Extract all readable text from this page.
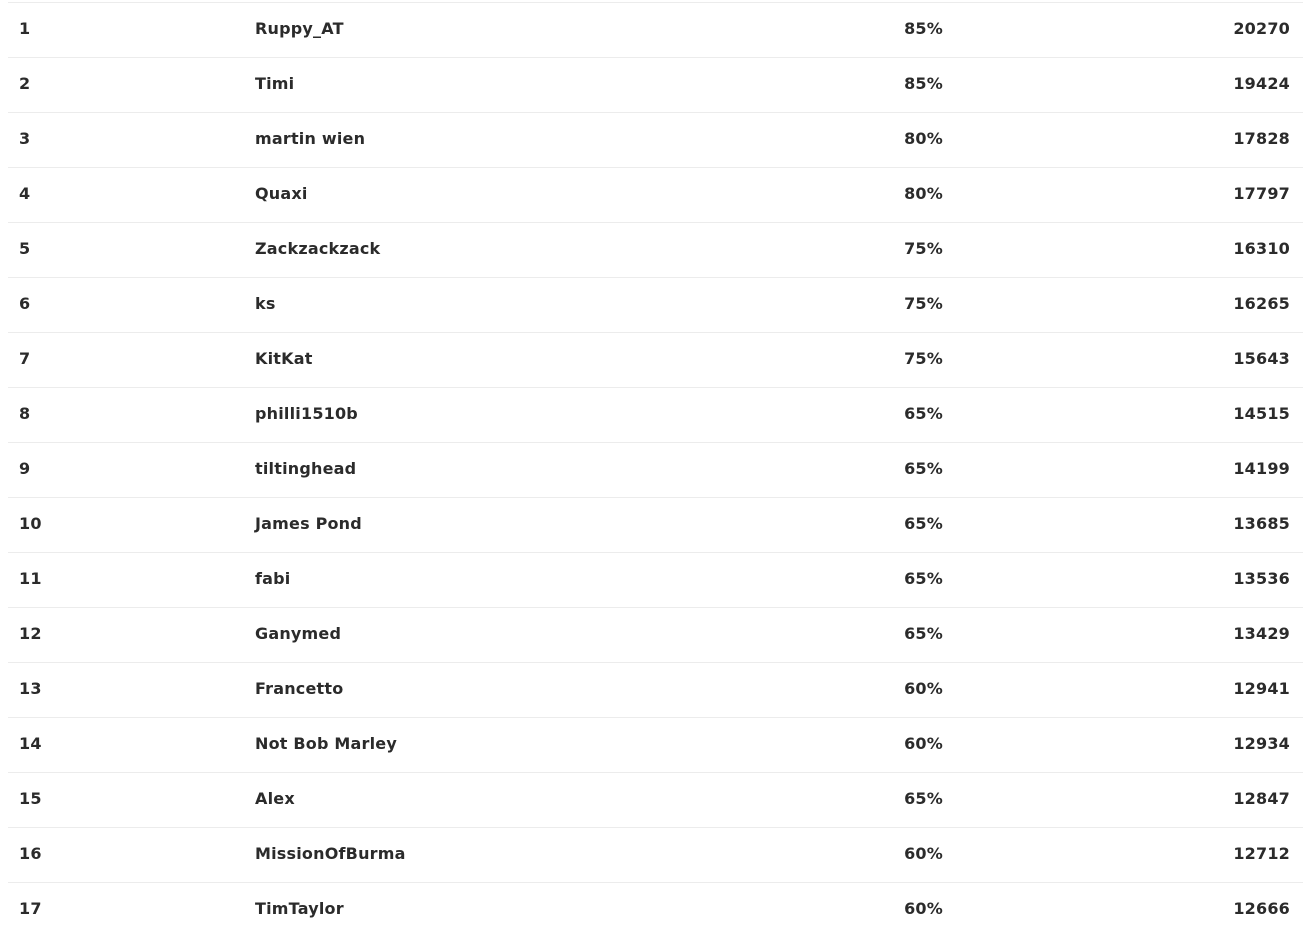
1	Ruppy_AT	85%	20270
2	Timi	85%	19424
3	martin wien	80%	17828
4	Quaxi	80%	17797
5	Zackzackzack	75%	16310
6	ks	75%	16265
7	KitKat	75%	15643
8	philli1510b	65%	14515
9	tiltinghead	65%	14199
10	James Pond	65%	13685
11	fabi	65%	13536
12	Ganymed	65%	13429
13	Francetto	60%	12941
14	Not Bob Marley	60%	12934
15	Alex	65%	12847
16	MissionOfBurma	60%	12712
17	TimTaylor	60%	12666
